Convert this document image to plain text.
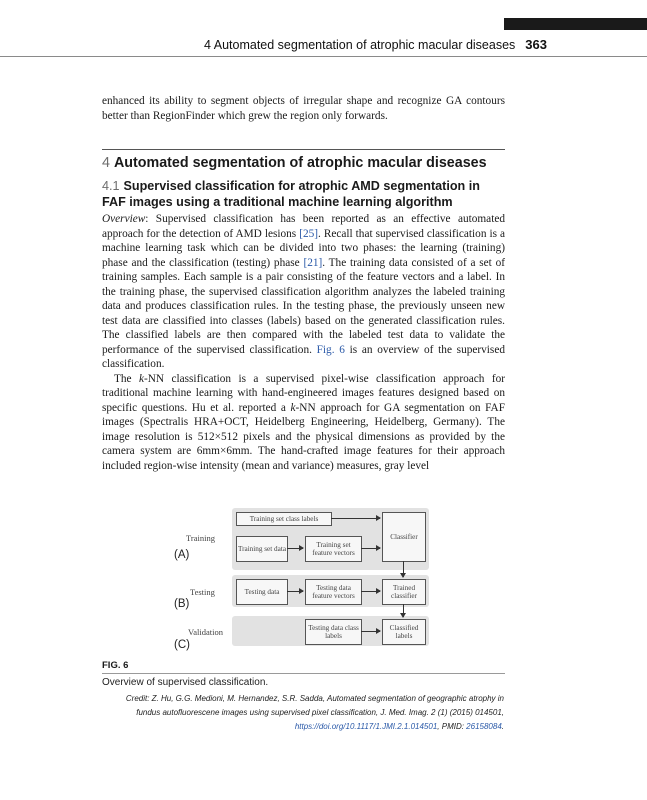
4 Automated segmentation of atrophic macular diseases 363

enhanced its ability to segment objects of irregular shape and recognize GA contours better than RegionFinder which grew the region only forwards.

4 Automated segmentation of atrophic macular diseases
4.1 Supervised classification for atrophic AMD segmentation in FAF images using a traditional machine learning algorithm

Overview: Supervised classification has been reported as an effective automated approach for the detection of AMD lesions [25]. Recall that supervised classification is a machine learning task which can be divided into two phases: the learning (training) phase and the classification (testing) phase [21]. The training data consisted of a set of training samples. Each sample is a pair consisting of the feature vectors and a label. In the training phase, the supervised classification algorithm analyzes the labeled training data and produces classification rules. In the testing phase, the previously unseen new test data are classified into classes (labels) based on the generated classification rules. The classified labels are then compared with the labeled test data to validate the performance of the supervised classification. Fig. 6 is an overview of the supervised classification.

The k-NN classification is a supervised pixel-wise classification approach for traditional machine learning with hand-engineered images features designed based on specific questions. Hu et al. reported a k-NN approach for GA segmentation on FAF images (Spectralis HRA+OCT, Heidelberg Engineering, Heidelberg, Germany). The image resolution is 512×512 pixels and the physical dimensions as provided by the camera system are 6mm×6mm. The hand-crafted image features for their approach included region-wise intensity (mean and variance) measures, gray level

Training
(A)
Testing
(B)
Validation
(C)
Training set class labels
Training set data
Training set feature vectors
Classifier
Testing data
Testing data feature vectors
Trained classifier
Testing data class labels
Classified labels
FIG. 6
Overview of supervised classification.
Credit: Z. Hu, G.G. Medioni, M. Hernandez, S.R. Sadda, Automated segmentation of geographic atrophy in fundus autofluorescene images using supervised pixel classification, J. Med. Imag. 2 (1) (2015) 014501, https://doi.org/10.1117/1.JMI.2.1.014501, PMID: 26158084.
